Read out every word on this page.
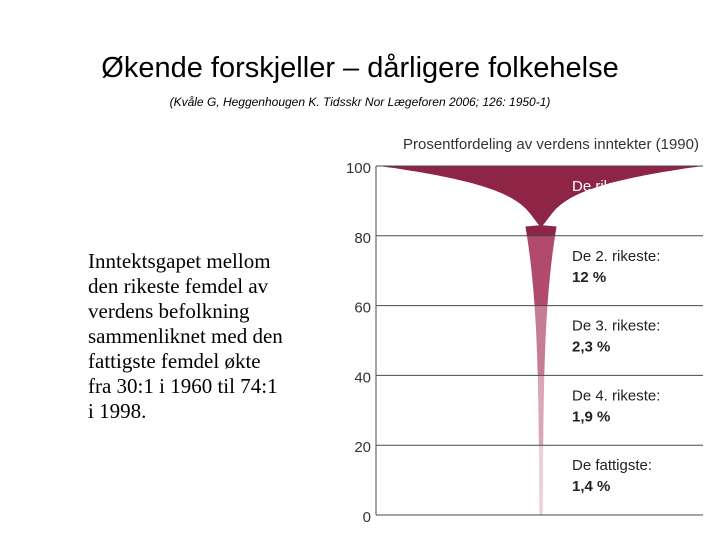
Økende forskjeller – dårligere folkehelse
(Kvåle G, Heggenhougen K. Tidsskr Nor Lægeforen 2006; 126: 1950-1)
Inntektsgapet mellom
den rikeste femdel av
verdens befolkning
sammenliknet med den
fattigste femdel økte
fra 30:1 i 1960 til 74:1
i 1998.
100
80
60
40
20
0
Prosentfordeling av verdens inntekter (1990)
De rikeste:
83 %
De 2. rikeste:
12 %
De 3. rikeste:
2,3 %
De 4. rikeste:
1,9 %
De fattigste:
1,4 %
